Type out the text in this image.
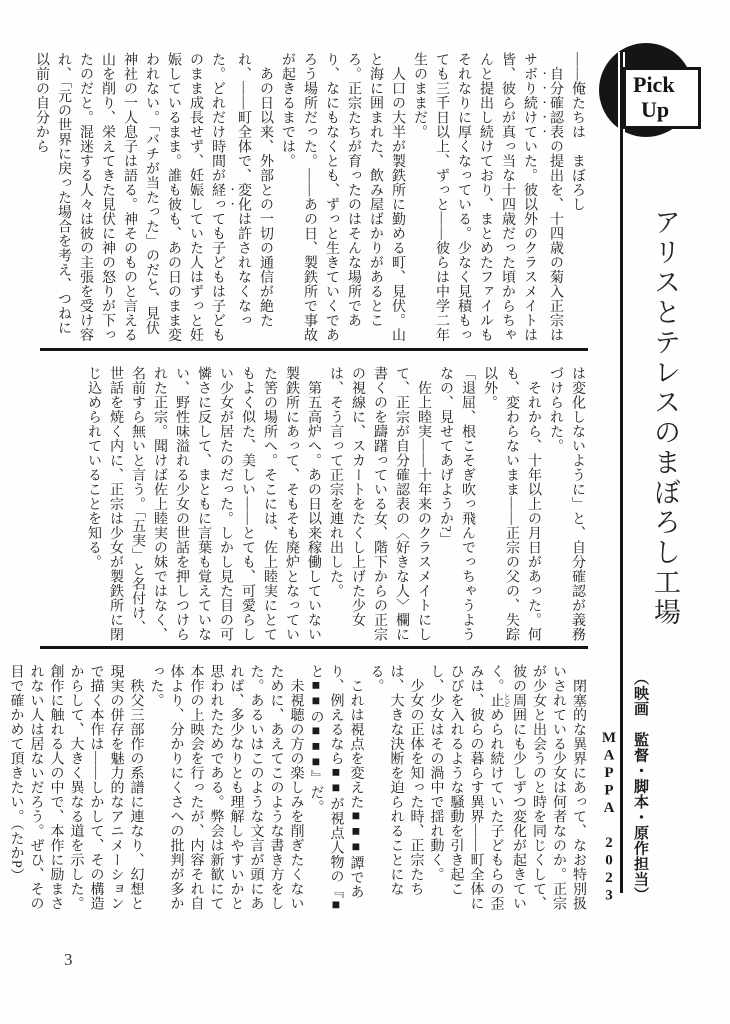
Pick
Up
アリスとテレスのまぼろし工場
（映画　監督・脚本・原作担当）
MAPPA 2023

——俺たちは　まぼろし

　自分確認表の提出を、十四歳の菊入正宗はサボり続けていた。彼以外のクラスメイトは皆、彼らが真っ当な十四歳だった頃からちゃんと提出し続けており、まとめたファイルもそれなりに厚くなっている。少なく見積もっても三千日以上、ずっと——彼らは中学二年生のままだ。

　人口の大半が製鉄所に勤める町、見伏。山と海に囲まれた、飲み屋ばかりがあるところ。正宗たちが育ったのはそんな場所であり、なにもなくとも、ずっと生きていくであろう場所だった。——あの日、製鉄所で事故が起きるまでは。

　あの日以来、外部との一切の通信が絶たれ、——町全体で、変化は許されなくなった。どれだけ時間が経っても子どもは子どものまま成長せず、妊娠していた人はずっと妊娠しているまま。誰も彼も、あの日のまま変われない。「バチが当たった」のだと、見伏神社の一人息子は語る。神そのものと言える山を削り、栄えてきた見伏に神の怒りが下ったのだと。混迷する人々は彼の主張を受け容れ、「元の世界に戻った場合を考え、つねに以前の自分から

は変化しないように」と、自分確認が義務づけられた。

　それから、十年以上の月日があった。何も、変わらないまま——正宗の父の、失踪以外。

「退屈、根こそぎ吹っ飛んでっちゃうようなの、見せてあげようか?」

　佐上睦実——十年来のクラスメイトにして、正宗が自分確認表の〈好きな人〉欄に書くのを躊躇っている女、階下からの正宗の視線に、スカートをたくし上げた少女は、そう言って正宗を連れ出した。

　第五高炉へ。あの日以来稼働していない製鉄所にあって、そもそも廃炉となっていた筈の場所へ。そこには、佐上睦実にとてもよく似た、美しい——とても、可愛らしい少女が居たのだった。しかし見た目の可憐さに反して、まともに言葉も覚えていない、野性味溢れる少女の世話を押しつけられた正宗。聞けば佐上睦実の妹ではなく、名前すら無いと言う。「五実」と名付け、世話を焼く内に、正宗は少女が製鉄所に閉じ込められていることを知る。

　閉塞的な異界にあって、なお特別扱いされている少女は何者なのか。正宗が少女と出会うのと時を同じくして、彼の周囲にも少しずつ変化が起きていく。止 とどめられ続けていた子どもらの歪みは、彼らの暮らす異界——町全体にひびを入れるような騒動を引き起こし、少女はその渦中で揺れ動く。

　少女の正体を知った時、正宗たちは、大きな決断を迫られることになる。

　これは視点を変えた■■■譚であり、例えるなら■■が視点人物の『■と■■の■■■』だ。

　未視聴の方の楽しみを削ぎたくないために、あえてこのような書き方をした。あるいはこのような文言が頭にあれば、多少なりとも理解しやすいかと思われたためである。弊会は新歓にて本作の上映会を行ったが、内容それ自体より、分かりにくさへの批判が多かった。

　秩父三部作の系譜に連なり、幻想と現実の併存を魅力的なアニメーションで描く本作は——しかして、その構造からして、大きく異なる道を示した。創作に触れる人の中で、本作に励まされない人は居ないだろう。ぜひ、その目で確かめて頂きたい。（たかP）

3
